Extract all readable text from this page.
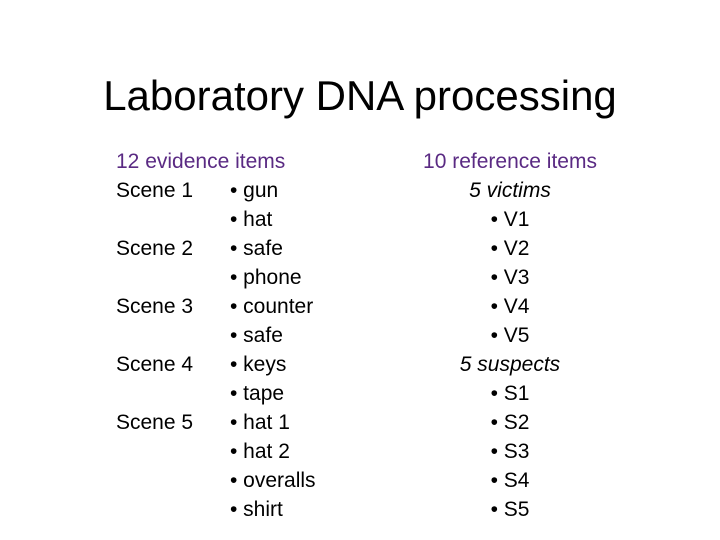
Laboratory DNA processing
12 evidence items
Scene 1 • gun
• hat
Scene 2 • safe
• phone
Scene 3 • counter
• safe
Scene 4 • keys
• tape
Scene 5 • hat 1
• hat 2
• overalls
• shirt
10 reference items
5 victims
• V1
• V2
• V3
• V4
• V5
5 suspects
• S1
• S2
• S3
• S4
• S5
